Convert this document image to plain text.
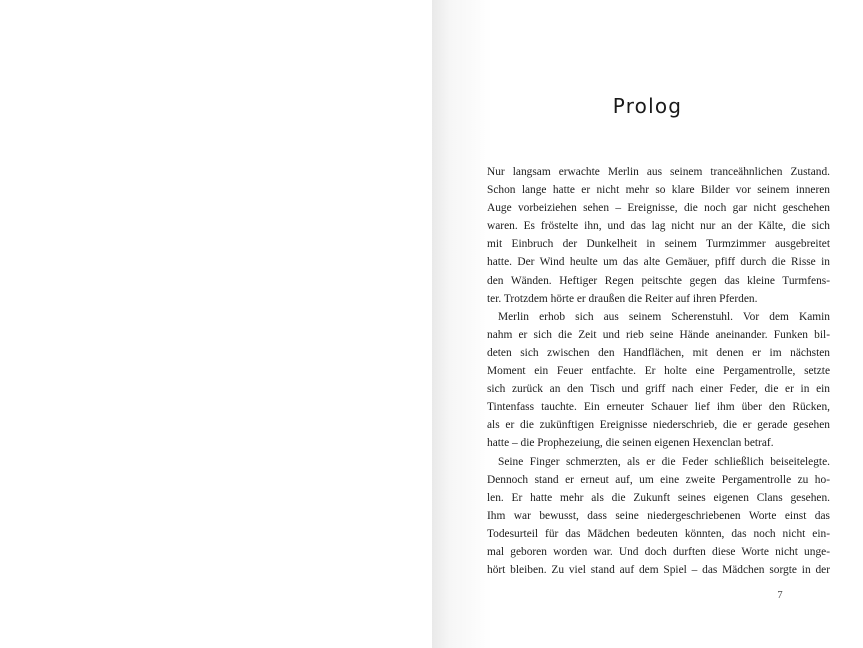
Prolog
Nur langsam erwachte Merlin aus seinem tranceähnlichen Zustand.
Schon lange hatte er nicht mehr so klare Bilder vor seinem inneren
Auge vorbeiziehen sehen – Ereignisse, die noch gar nicht geschehen
waren. Es fröstelte ihn, und das lag nicht nur an der Kälte, die sich
mit Einbruch der Dunkelheit in seinem Turmzimmer ausgebreitet
hatte. Der Wind heulte um das alte Gemäuer, pfiff durch die Risse in
den Wänden. Heftiger Regen peitschte gegen das kleine Turmfens-
ter. Trotzdem hörte er draußen die Reiter auf ihren Pferden.
Merlin erhob sich aus seinem Scherenstuhl. Vor dem Kamin
nahm er sich die Zeit und rieb seine Hände aneinander. Funken bil-
deten sich zwischen den Handflächen, mit denen er im nächsten
Moment ein Feuer entfachte. Er holte eine Pergamentrolle, setzte
sich zurück an den Tisch und griff nach einer Feder, die er in ein
Tintenfass tauchte. Ein erneuter Schauer lief ihm über den Rücken,
als er die zukünftigen Ereignisse niederschrieb, die er gerade gesehen
hatte – die Prophezeiung, die seinen eigenen Hexenclan betraf.
Seine Finger schmerzten, als er die Feder schließlich beiseitelegte.
Dennoch stand er erneut auf, um eine zweite Pergamentrolle zu ho-
len. Er hatte mehr als die Zukunft seines eigenen Clans gesehen.
Ihm war bewusst, dass seine niedergeschriebenen Worte einst das
Todesurteil für das Mädchen bedeuten könnten, das noch nicht ein-
mal geboren worden war. Und doch durften diese Worte nicht unge-
hört bleiben. Zu viel stand auf dem Spiel – das Mädchen sorgte in der
7
